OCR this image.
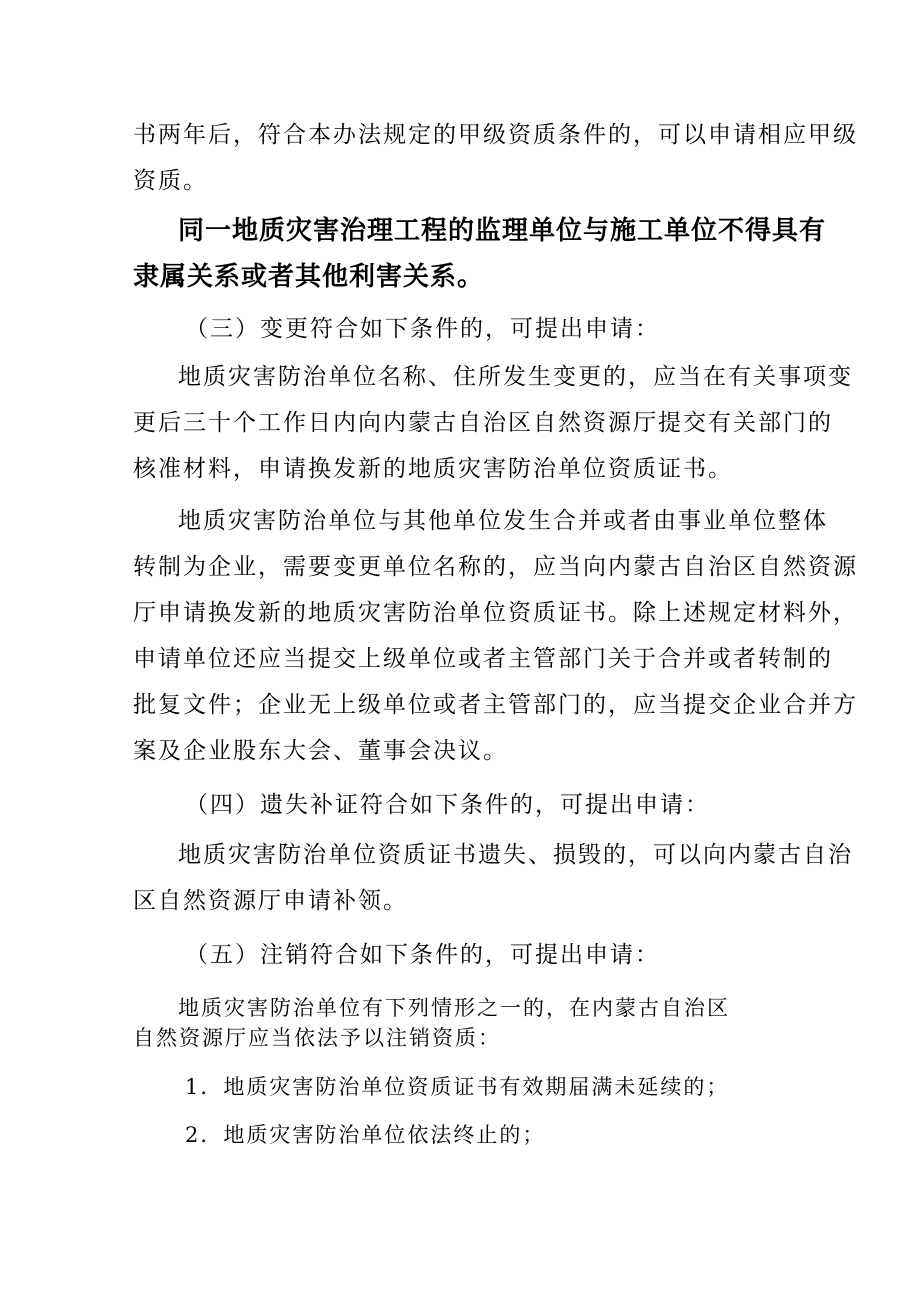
书两年后，符合本办法规定的甲级资质条件的，可以申请相应甲级

资质。

同一地质灾害治理工程的监理单位与施工单位不得具有

隶属关系或者其他利害关系。

（三）变更符合如下条件的，可提出申请：

地质灾害防治单位名称、住所发生变更的，应当在有关事项变

更后三十个工作日内向内蒙古自治区自然资源厅提交有关部门的

核准材料，申请换发新的地质灾害防治单位资质证书。

地质灾害防治单位与其他单位发生合并或者由事业单位整体

转制为企业，需要变更单位名称的，应当向内蒙古自治区自然资源

厅申请换发新的地质灾害防治单位资质证书。除上述规定材料外，

申请单位还应当提交上级单位或者主管部门关于合并或者转制的

批复文件；企业无上级单位或者主管部门的，应当提交企业合并方

案及企业股东大会、董事会决议。

（四）遗失补证符合如下条件的，可提出申请：

地质灾害防治单位资质证书遗失、损毁的，可以向内蒙古自治

区自然资源厅申请补领。

（五）注销符合如下条件的，可提出申请：

地质灾害防治单位有下列情形之一的，在内蒙古自治区

自然资源厅应当依法予以注销资质：

1．地质灾害防治单位资质证书有效期届满未延续的；

2．地质灾害防治单位依法终止的；
